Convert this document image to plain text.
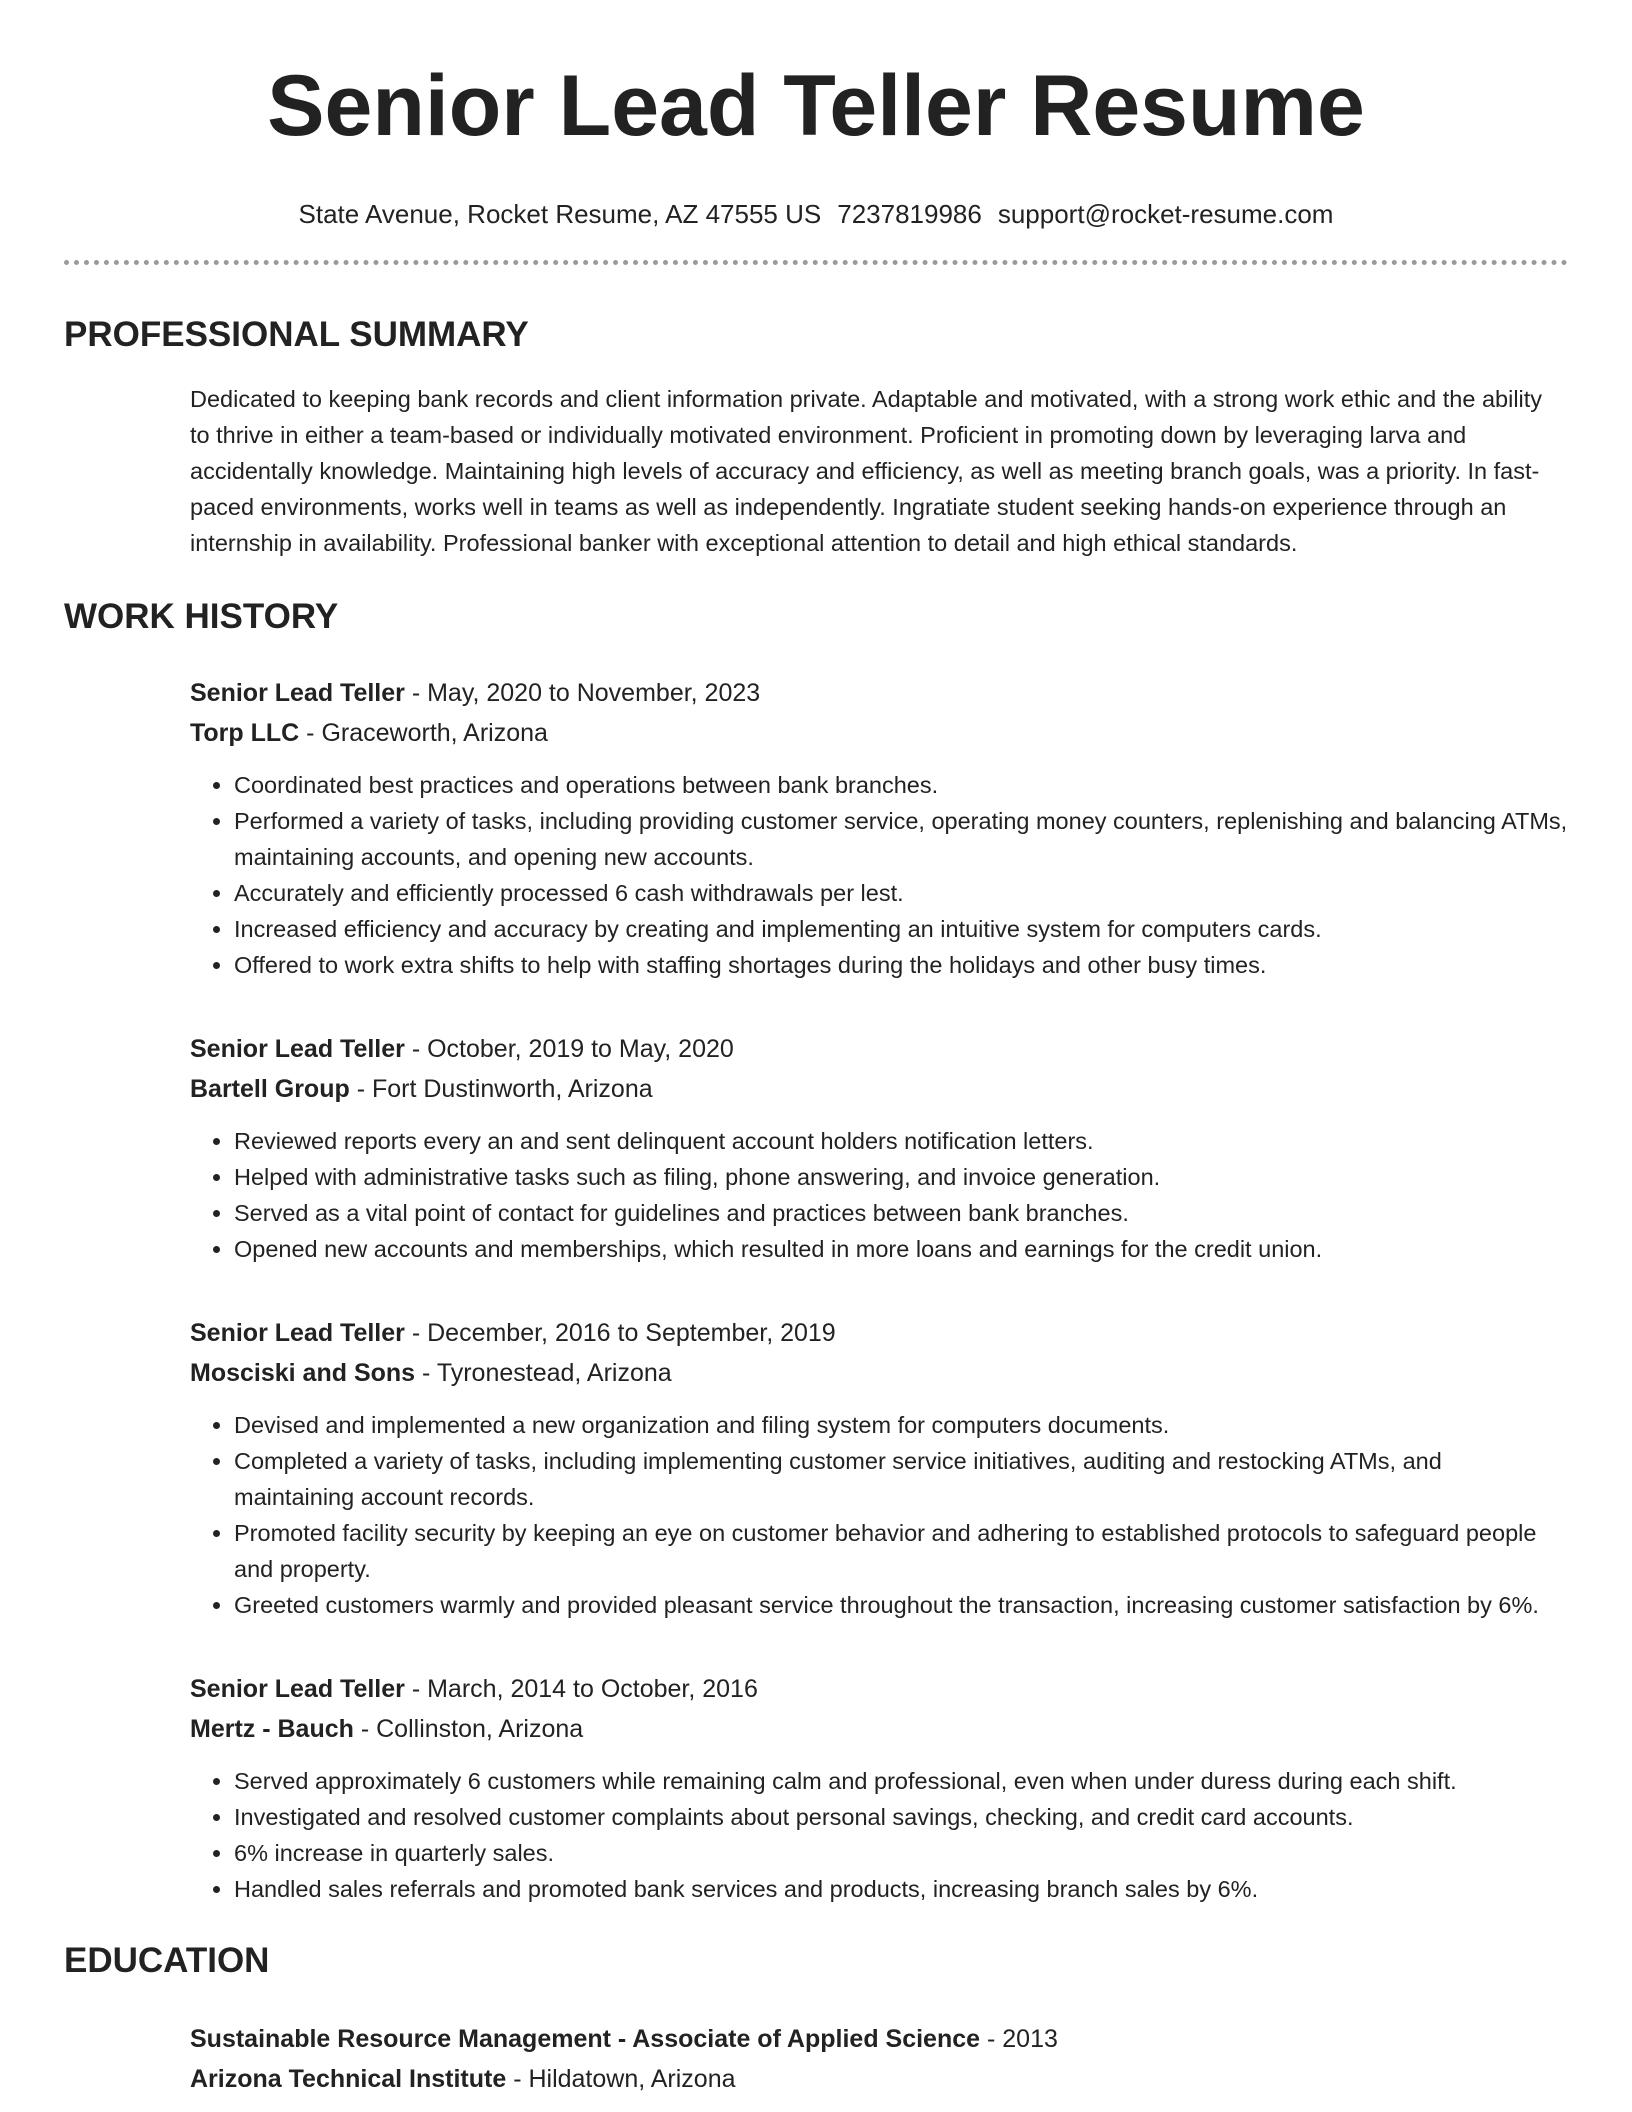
Senior Lead Teller Resume
State Avenue, Rocket Resume, AZ 47555 US 7237819986 support@rocket-resume.com
PROFESSIONAL SUMMARY

Dedicated to keeping bank records and client information private. Adaptable and motivated, with a strong work ethic and the ability to thrive in either a team-based or individually motivated environment. Proficient in promoting down by leveraging larva and accidentally knowledge. Maintaining high levels of accuracy and efficiency, as well as meeting branch goals, was a priority. In fast-paced environments, works well in teams as well as independently. Ingratiate student seeking hands-on experience through an internship in availability. Professional banker with exceptional attention to detail and high ethical standards.

WORK HISTORY
Senior Lead Teller - May, 2020 to November, 2023
Torp LLC - Graceworth, Arizona
• Coordinated best practices and operations between bank branches.
• Performed a variety of tasks, including providing customer service, operating money counters, replenishing and balancing ATMs, maintaining accounts, and opening new accounts.
• Accurately and efficiently processed 6 cash withdrawals per lest.
• Increased efficiency and accuracy by creating and implementing an intuitive system for computers cards.
• Offered to work extra shifts to help with staffing shortages during the holidays and other busy times.
Senior Lead Teller - October, 2019 to May, 2020
Bartell Group - Fort Dustinworth, Arizona
• Reviewed reports every an and sent delinquent account holders notification letters.
• Helped with administrative tasks such as filing, phone answering, and invoice generation.
• Served as a vital point of contact for guidelines and practices between bank branches.
• Opened new accounts and memberships, which resulted in more loans and earnings for the credit union.
Senior Lead Teller - December, 2016 to September, 2019
Mosciski and Sons - Tyronestead, Arizona
• Devised and implemented a new organization and filing system for computers documents.
• Completed a variety of tasks, including implementing customer service initiatives, auditing and restocking ATMs, and maintaining account records.
• Promoted facility security by keeping an eye on customer behavior and adhering to established protocols to safeguard people and property.
• Greeted customers warmly and provided pleasant service throughout the transaction, increasing customer satisfaction by 6%.
Senior Lead Teller - March, 2014 to October, 2016
Mertz - Bauch - Collinston, Arizona
• Served approximately 6 customers while remaining calm and professional, even when under duress during each shift.
• Investigated and resolved customer complaints about personal savings, checking, and credit card accounts.
• 6% increase in quarterly sales.
• Handled sales referrals and promoted bank services and products, increasing branch sales by 6%.
EDUCATION
Sustainable Resource Management - Associate of Applied Science - 2013
Arizona Technical Institute - Hildatown, Arizona
